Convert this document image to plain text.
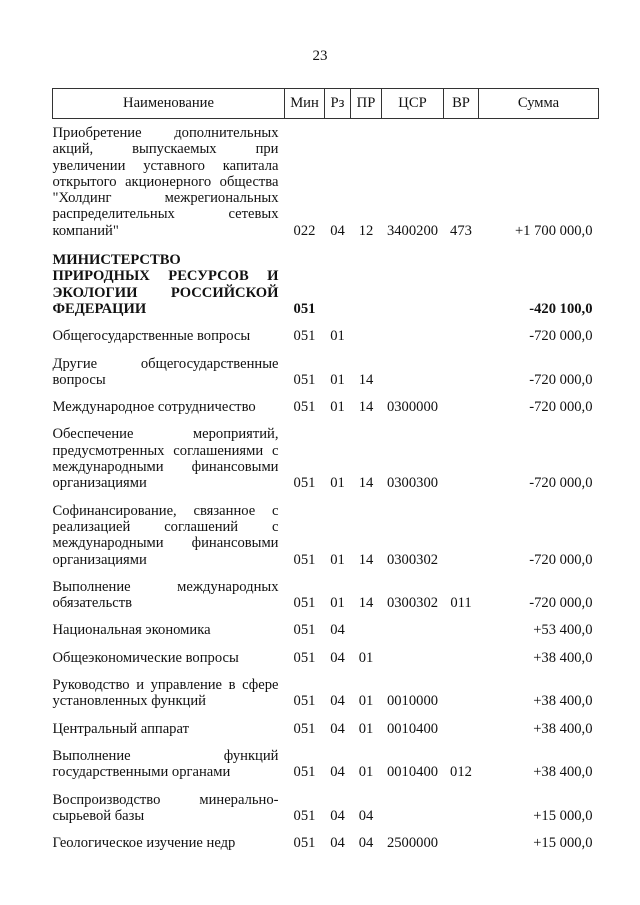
23
Наименование	Мин	Рз	ПР	ЦСР	ВР	Сумма
Приобретение дополнительных акций, выпускаемых при увеличении уставного капитала открытого акционерного общества "Холдинг межрегиональных распределительных сетевых компаний"	022	04	12	3400200	473	+1 700 000,0
МИНИСТЕРСТВО ПРИРОДНЫХ РЕСУРСОВ И ЭКОЛОГИИ РОССИЙСКОЙ ФЕДЕРАЦИИ	051					-420 100,0
Общегосударственные вопросы	051	01				-720 000,0
Другие общегосударственные вопросы	051	01	14			-720 000,0
Международное сотрудничество	051	01	14	0300000		-720 000,0
Обеспечение мероприятий, предусмотренных соглашениями с международными финансовыми организациями	051	01	14	0300300		-720 000,0
Софинансирование, связанное с реализацией соглашений с международными финансовыми организациями	051	01	14	0300302		-720 000,0
Выполнение международных обязательств	051	01	14	0300302	011	-720 000,0
Национальная экономика	051	04				+53 400,0
Общеэкономические вопросы	051	04	01			+38 400,0
Руководство и управление в сфере установленных функций	051	04	01	0010000		+38 400,0
Центральный аппарат	051	04	01	0010400		+38 400,0
Выполнение функций государственными органами	051	04	01	0010400	012	+38 400,0
Воспроизводство минерально-сырьевой базы	051	04	04			+15 000,0
Геологическое изучение недр	051	04	04	2500000		+15 000,0
